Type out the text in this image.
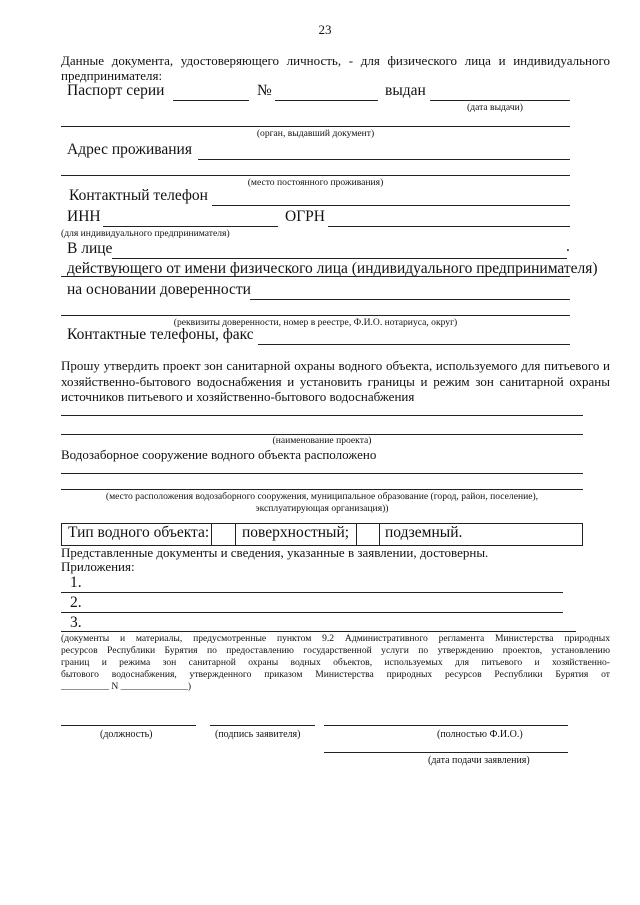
23
Данные документа, удостоверяющего личность, - для физического лица и индивидуального
предпринимателя:
Паспорт серии	№	выдан
(дата выдачи)
(орган, выдавший документ)
Адрес проживания
(место постоянного проживания)
Контактный телефон
ИНН	ОГРН
(для индивидуального предпринимателя)
В лице	.
действующего от имени физического лица (индивидуального предпринимателя)
на основании доверенности
(реквизиты доверенности, номер в реестре, Ф.И.О. нотариуса, округ)
Контактные телефоны, факс
Прошу утвердить проект зон санитарной охраны водного объекта, используемого для питьевого и
хозяйственно-бытового водоснабжения и установить границы и режим зон санитарной охраны
источников питьевого и хозяйственно-бытового водоснабжения
(наименование проекта)
Водозаборное сооружение водного объекта расположено
(место расположения водозаборного сооружения, муниципальное образование (город, район, поселение),
эксплуатирующая организация))
Тип водного объекта: поверхностный; подземный.
Представленные документы и сведения, указанные в заявлении, достоверны.
Приложения:
1.
2.
3.
(документы и материалы, предусмотренные пунктом 9.2 Административного регламента Министерства природных
ресурсов Республики Бурятия по предоставлению государственной услуги по утверждению проектов, установлению
границ и режима зон санитарной охраны водных объектов, используемых для питьевого и хозяйственно-
бытового водоснабжения, утвержденного приказом Министерства природных ресурсов Республики Бурятия от
__________ N ______________)
(должность)	(подпись заявителя)	(полностью Ф.И.О.)
(дата подачи заявления)
